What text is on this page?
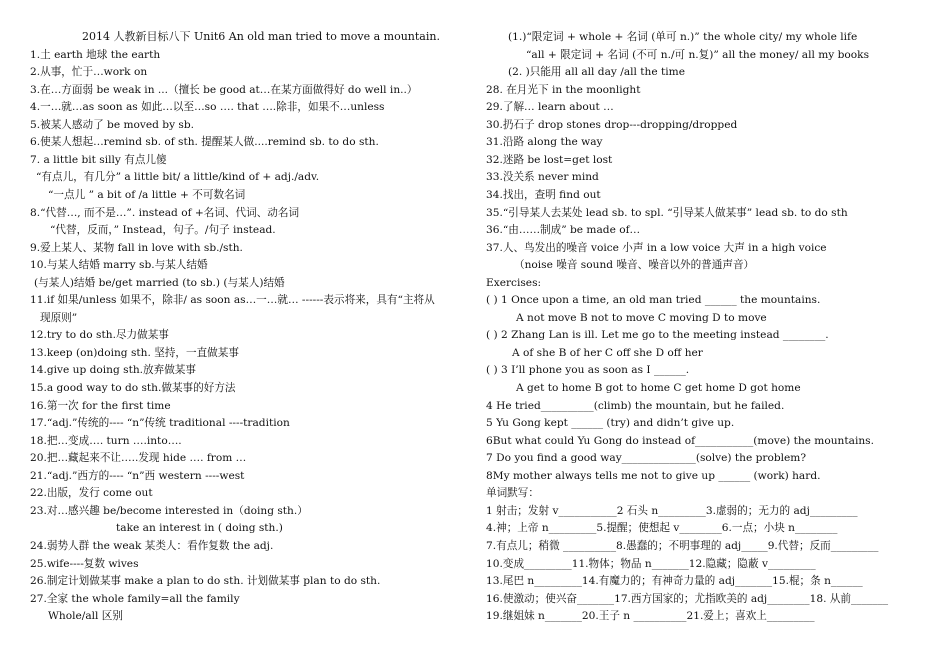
2014 人教新目标八下 Unit6 An old man tried to move a mountain.
1.土 earth 地球 the earth
2.从事，忙于…work on
3.在…方面弱 be weak in ...（擅长 be good at…在某方面做得好 do well in..）
4.一…就…as soon as 如此…以至…so …. that ….除非，如果不…unless
5.被某人感动了 be moved by sb.
6.使某人想起…remind sb. of sth. 提醒某人做....remind sb. to do sth.
7. a little bit silly 有点儿傻
“有点儿，有几分” a little bit/ a little/kind of + adj./adv.
“一点儿 ” a bit of /a little + 不可数名词
8.“代替…, 而不是…”. instead of +名词、代词、动名词
“代替，反而，” Instead，句子。/句子 instead.
9.爱上某人、某物 fall in love with sb./sth.
10.与某人结婚 marry sb.与某人结婚
(与某人)结婚 be/get married (to sb.) (与某人)结婚
11.if 如果/unless 如果不，除非/ as soon as…一…就… ------表示将来，具有“主将从
现原则”
12.try to do sth.尽力做某事
13.keep (on)doing sth. 坚持，一直做某事
14.give up doing sth.放弃做某事
15.a good way to do sth.做某事的好方法
16.第一次 for the first time
17.“adj.”传统的---- “n”传统 traditional ----tradition
18.把…变成…. turn ….into….
20.把…藏起来不让…..发现 hide …. from …
21.“adj.”西方的---- “n”西 western ----west
22.出版，发行 come out
23.对…感兴趣 be/become interested in（doing sth.）
take an interest in ( doing sth.)
24.弱势人群 the weak 某类人：看作复数 the adj.
25.wife----复数 wives
26.制定计划做某事 make a plan to do sth. 计划做某事 plan to do sth.
27.全家 the whole family=all the family
Whole/all 区别
(1.)“限定词 + whole + 名词 (单可 n.)” the whole city/ my whole life
“all + 限定词 + 名词 (不可 n./可 n.复)” all the money/ all my books
(2. )只能用 all all day /all the time
28. 在月光下 in the moonlight
29.了解… learn about …
30.扔石子 drop stones drop---dropping/dropped
31.沿路 along the way
32.迷路 be lost=get lost
33.没关系 never mind
34.找出，查明 find out
35.“引导某人去某处 lead sb. to spl. “引导某人做某事” lead sb. to do sth
36.“由……制成” be made of…
37.人、鸟发出的噪音 voice 小声 in a low voice 大声 in a high voice
（noise 噪音 sound 噪音、噪音以外的普通声音）
Exercises:
( ) 1 Once upon a time, an old man tried ______ the mountains.
A not move B not to move C moving D to move
( ) 2 Zhang Lan is ill. Let me go to the meeting instead ________.
A of she B of her C off she D off her
( ) 3 I’ll phone you as soon as I ______.
A get to home B got to home C get home D got home
4 He tried__________(climb) the mountain, but he failed.
5 Yu Gong kept ______ (try) and didn’t give up.
6But what could Yu Gong do instead of___________(move) the mountains.
7 Do you find a good way______________(solve) the problem?
8My mother always tells me not to give up ______ (work) hard.
单词默写：
1 射击；发射 v___________2 石头 n_________3.虚弱的；无力的 adj_________
4.神；上帝 n_________5.提醒；使想起 v________6.一点；小块 n________
7.有点儿；稍微 __________8.愚蠢的；不明事理的 adj_____9.代替；反而_________
10.变成_________11.物体；物品 n_______12.隐藏；隐蔽 v_________
13.尾巴 n_________14.有魔力的；有神奇力量的 adj_______15.棍；条 n______
16.使激动；使兴奋_______17.西方国家的；尤指欧美的 adj________18. 从前_______
19.继姐妹 n_______20.王子 n __________21.爱上；喜欢上_________
